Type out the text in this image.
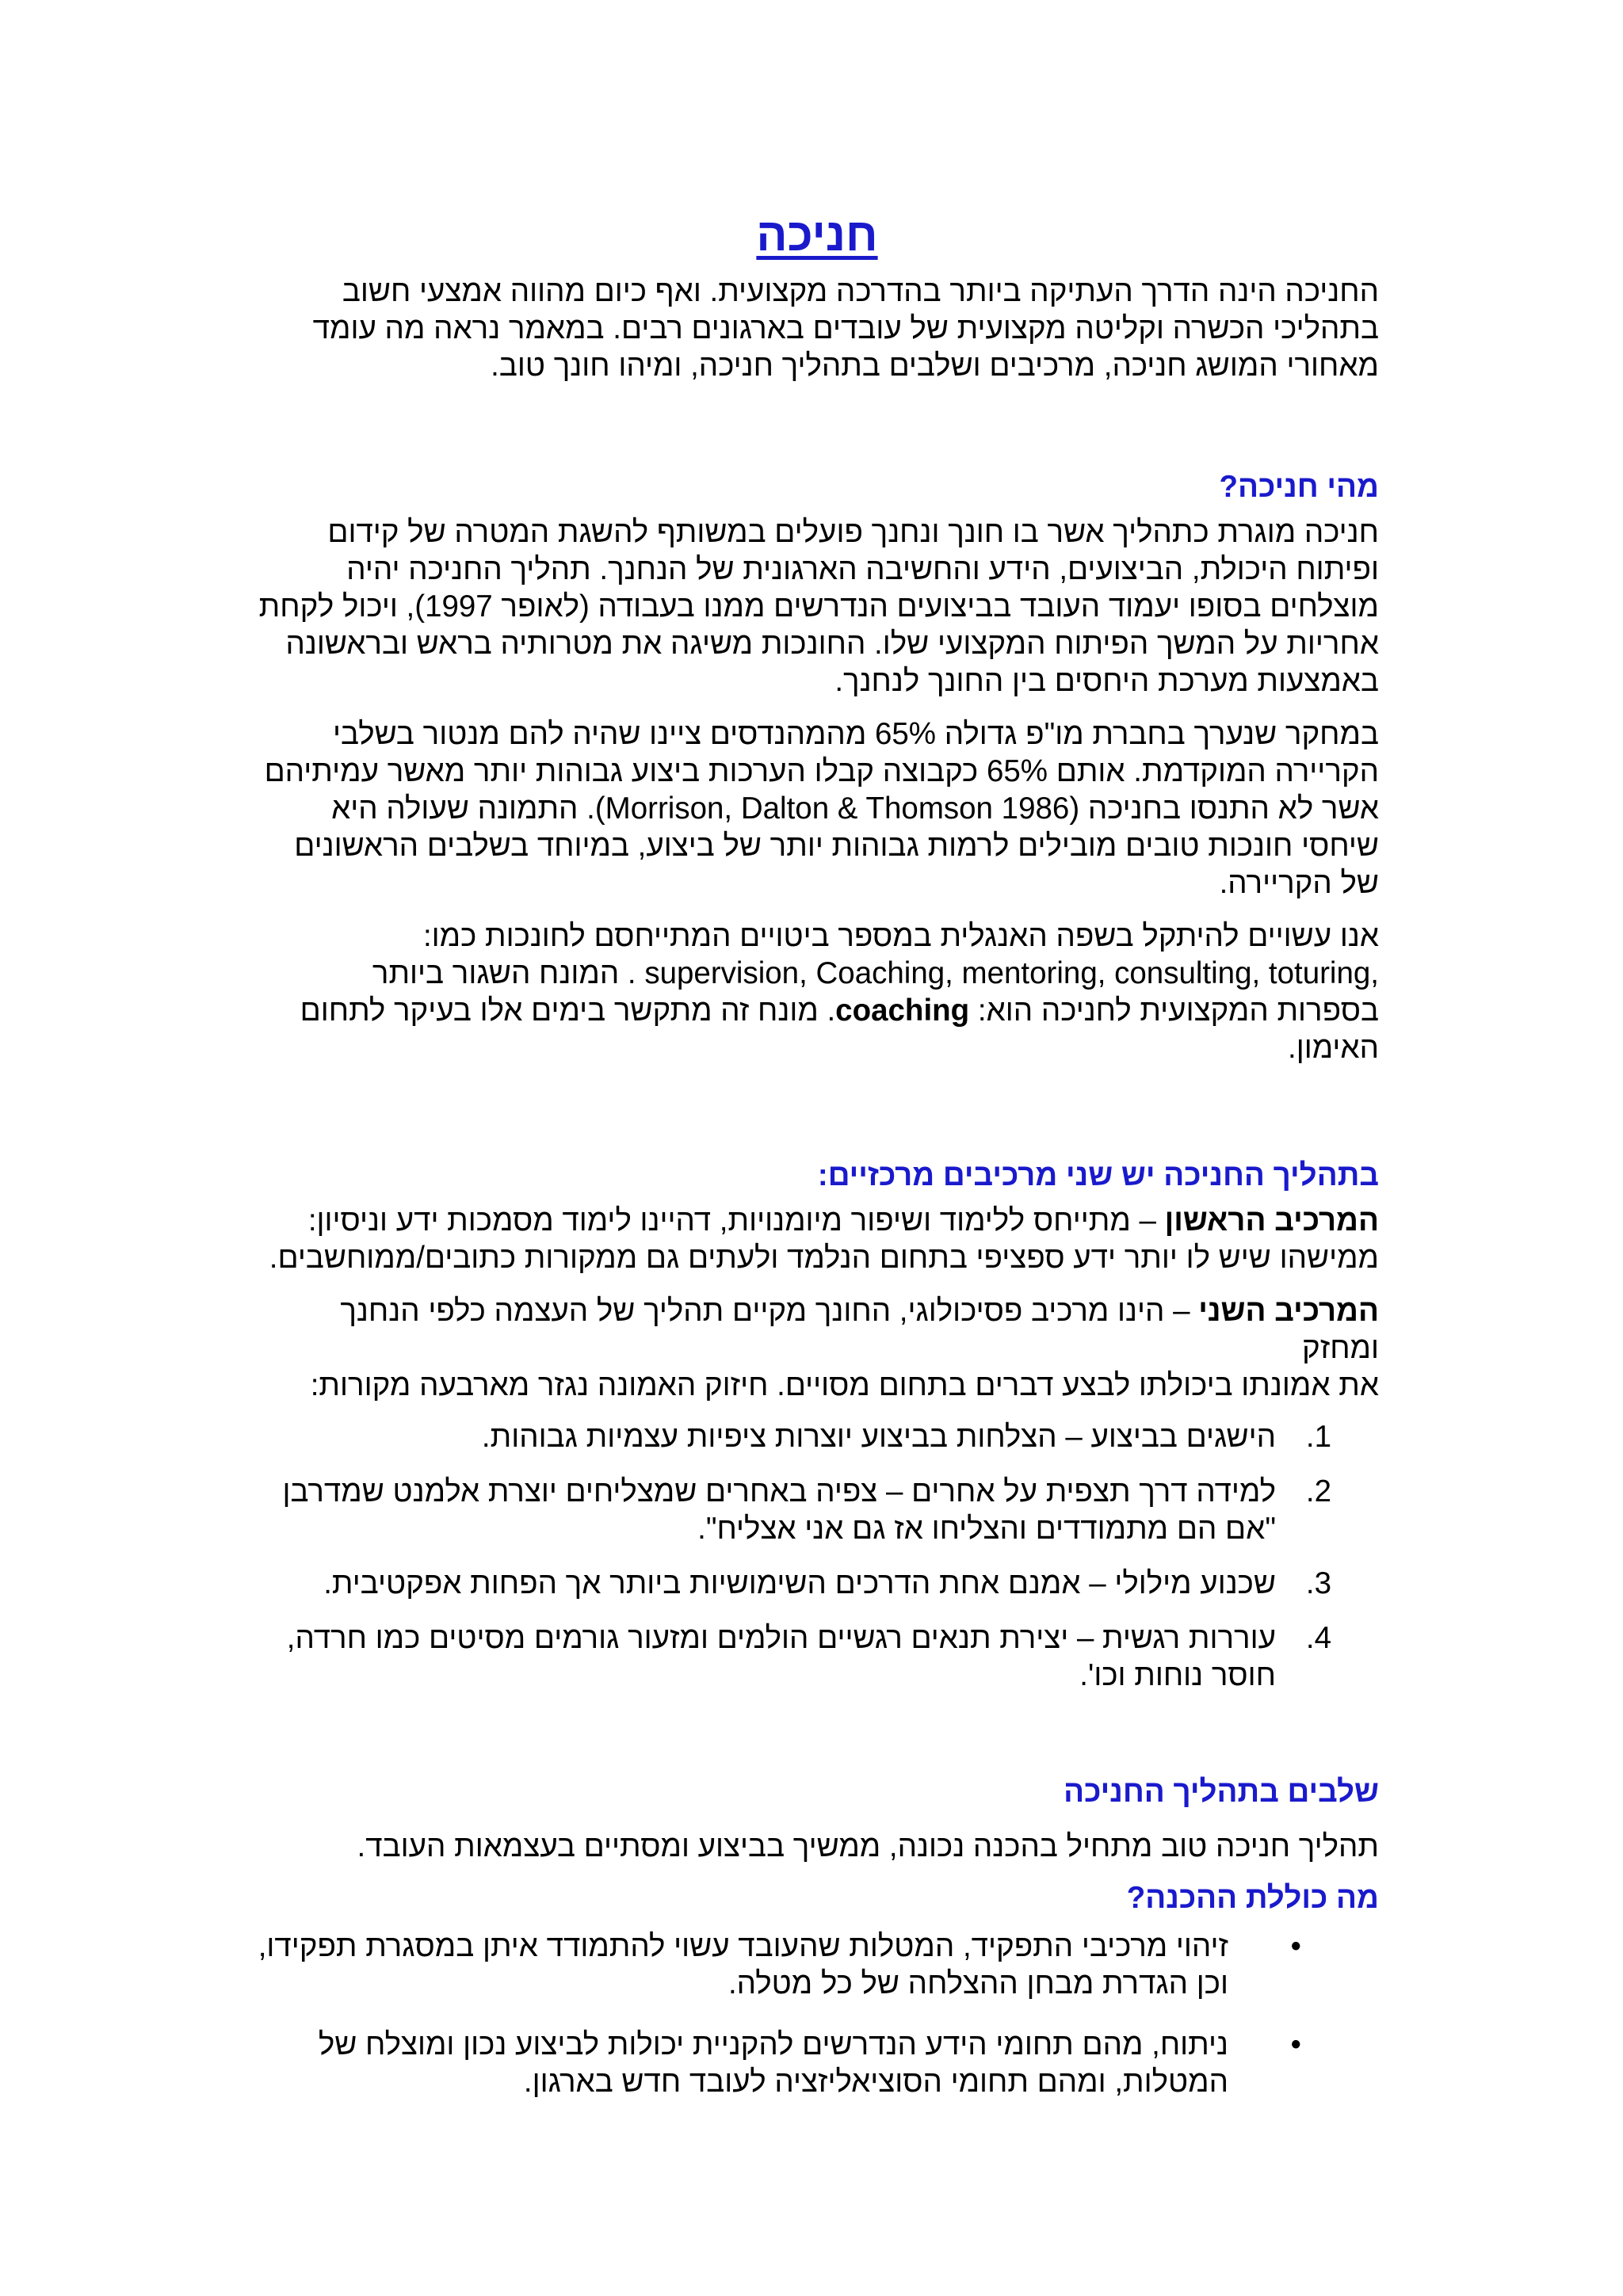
חניכה

החניכה הינה הדרך העתיקה ביותר בהדרכה מקצועית. ואף כיום מהווה אמצעי חשוב

בתהליכי הכשרה וקליטה מקצועית של עובדים בארגונים רבים. במאמר נראה מה עומד

מאחורי המושג חניכה, מרכיבים ושלבים בתהליך חניכה, ומיהו חונך טוב.

מהי חניכה?

חניכה מוגרת כתהליך אשר בו חונך ונחנך פועלים במשותף להשגת המטרה של קידום

ופיתוח היכולת, הביצועים, הידע והחשיבה הארגונית של הנחנך. תהליך החניכה יהיה

מוצלחים בסופו יעמוד העובד בביצועים הנדרשים ממנו בעבודה (לאופר 1997), ויכול לקחת

אחריות על המשך הפיתוח המקצועי שלו. החונכות משיגה את מטרותיה בראש ובראשונה

באמצעות מערכת היחסים בין החונך לנחנך.

במחקר שנערך בחברת מו"פ גדולה 65% מהמהנדסים ציינו שהיה להם מנטור בשלבי

הקריירה המוקדמת. אותם 65% כקבוצה קבלו הערכות ביצוע גבוהות יותר מאשר עמיתיהם

אשר לא התנסו בחניכה (Morrison, Dalton & Thomson 1986). התמונה שעולה היא

שיחסי חונכות טובים מובילים לרמות גבוהות יותר של ביצוע, במיוחד בשלבים הראשונים

של הקריירה.

אנו עשויים להיתקל בשפה האנגלית במספר ביטויים המתייחסם לחונכות כמו:

supervision, Coaching, mentoring, consulting, toturing, . המונח השגור ביותר

בספרות המקצועית לחניכה הוא: coaching. מונח זה מתקשר בימים אלו בעיקר לתחום

האימון.

בתהליך החניכה יש שני מרכיבים מרכזיים:

המרכיב הראשון – מתייחס ללימוד ושיפור מיומנויות, דהיינו לימוד מסמכות ידע וניסיון:

ממישהו שיש לו יותר ידע ספציפי בתחום הנלמד ולעתים גם ממקורות כתובים/ממוחשבים.

המרכיב השני – הינו מרכיב פסיכולוגי, החונך מקיים תהליך של העצמה כלפי הנחנך ומחזק

את אמונתו ביכולתו לבצע דברים בתחום מסויים. חיזוק האמונה נגזר מארבעה מקורות:

1.

הישגים בביצוע – הצלחות בביצוע יוצרות ציפיות עצמיות גבוהות.

2.

למידה דרך תצפית על אחרים – צפיה באחרים שמצליחים יוצרת אלמנט שמדרבן

"אם הם מתמודדים והצליחו אז גם אני אצליח".

3.

שכנוע מילולי – אמנם אחת הדרכים השימושיות ביותר אך הפחות אפקטיבית.

4.

עוררות רגשית – יצירת תנאים רגשיים הולמים ומזעור גורמים מסיטים כמו חרדה,

חוסר נוחות וכו'.

שלבים בתהליך החניכה

תהליך חניכה טוב מתחיל בהכנה נכונה, ממשיך בביצוע ומסתיים בעצמאות העובד.

מה כוללת ההכנה?
•

זיהוי מרכיבי התפקיד, המטלות שהעובד עשוי להתמודד איתן במסגרת תפקידו,

וכן הגדרת מבחן ההצלחה של כל מטלה.

•

ניתוח, מהם תחומי הידע הנדרשים להקניית יכולות לביצוע נכון ומוצלח של

המטלות, ומהם תחומי הסוציאליזציה לעובד חדש בארגון.
